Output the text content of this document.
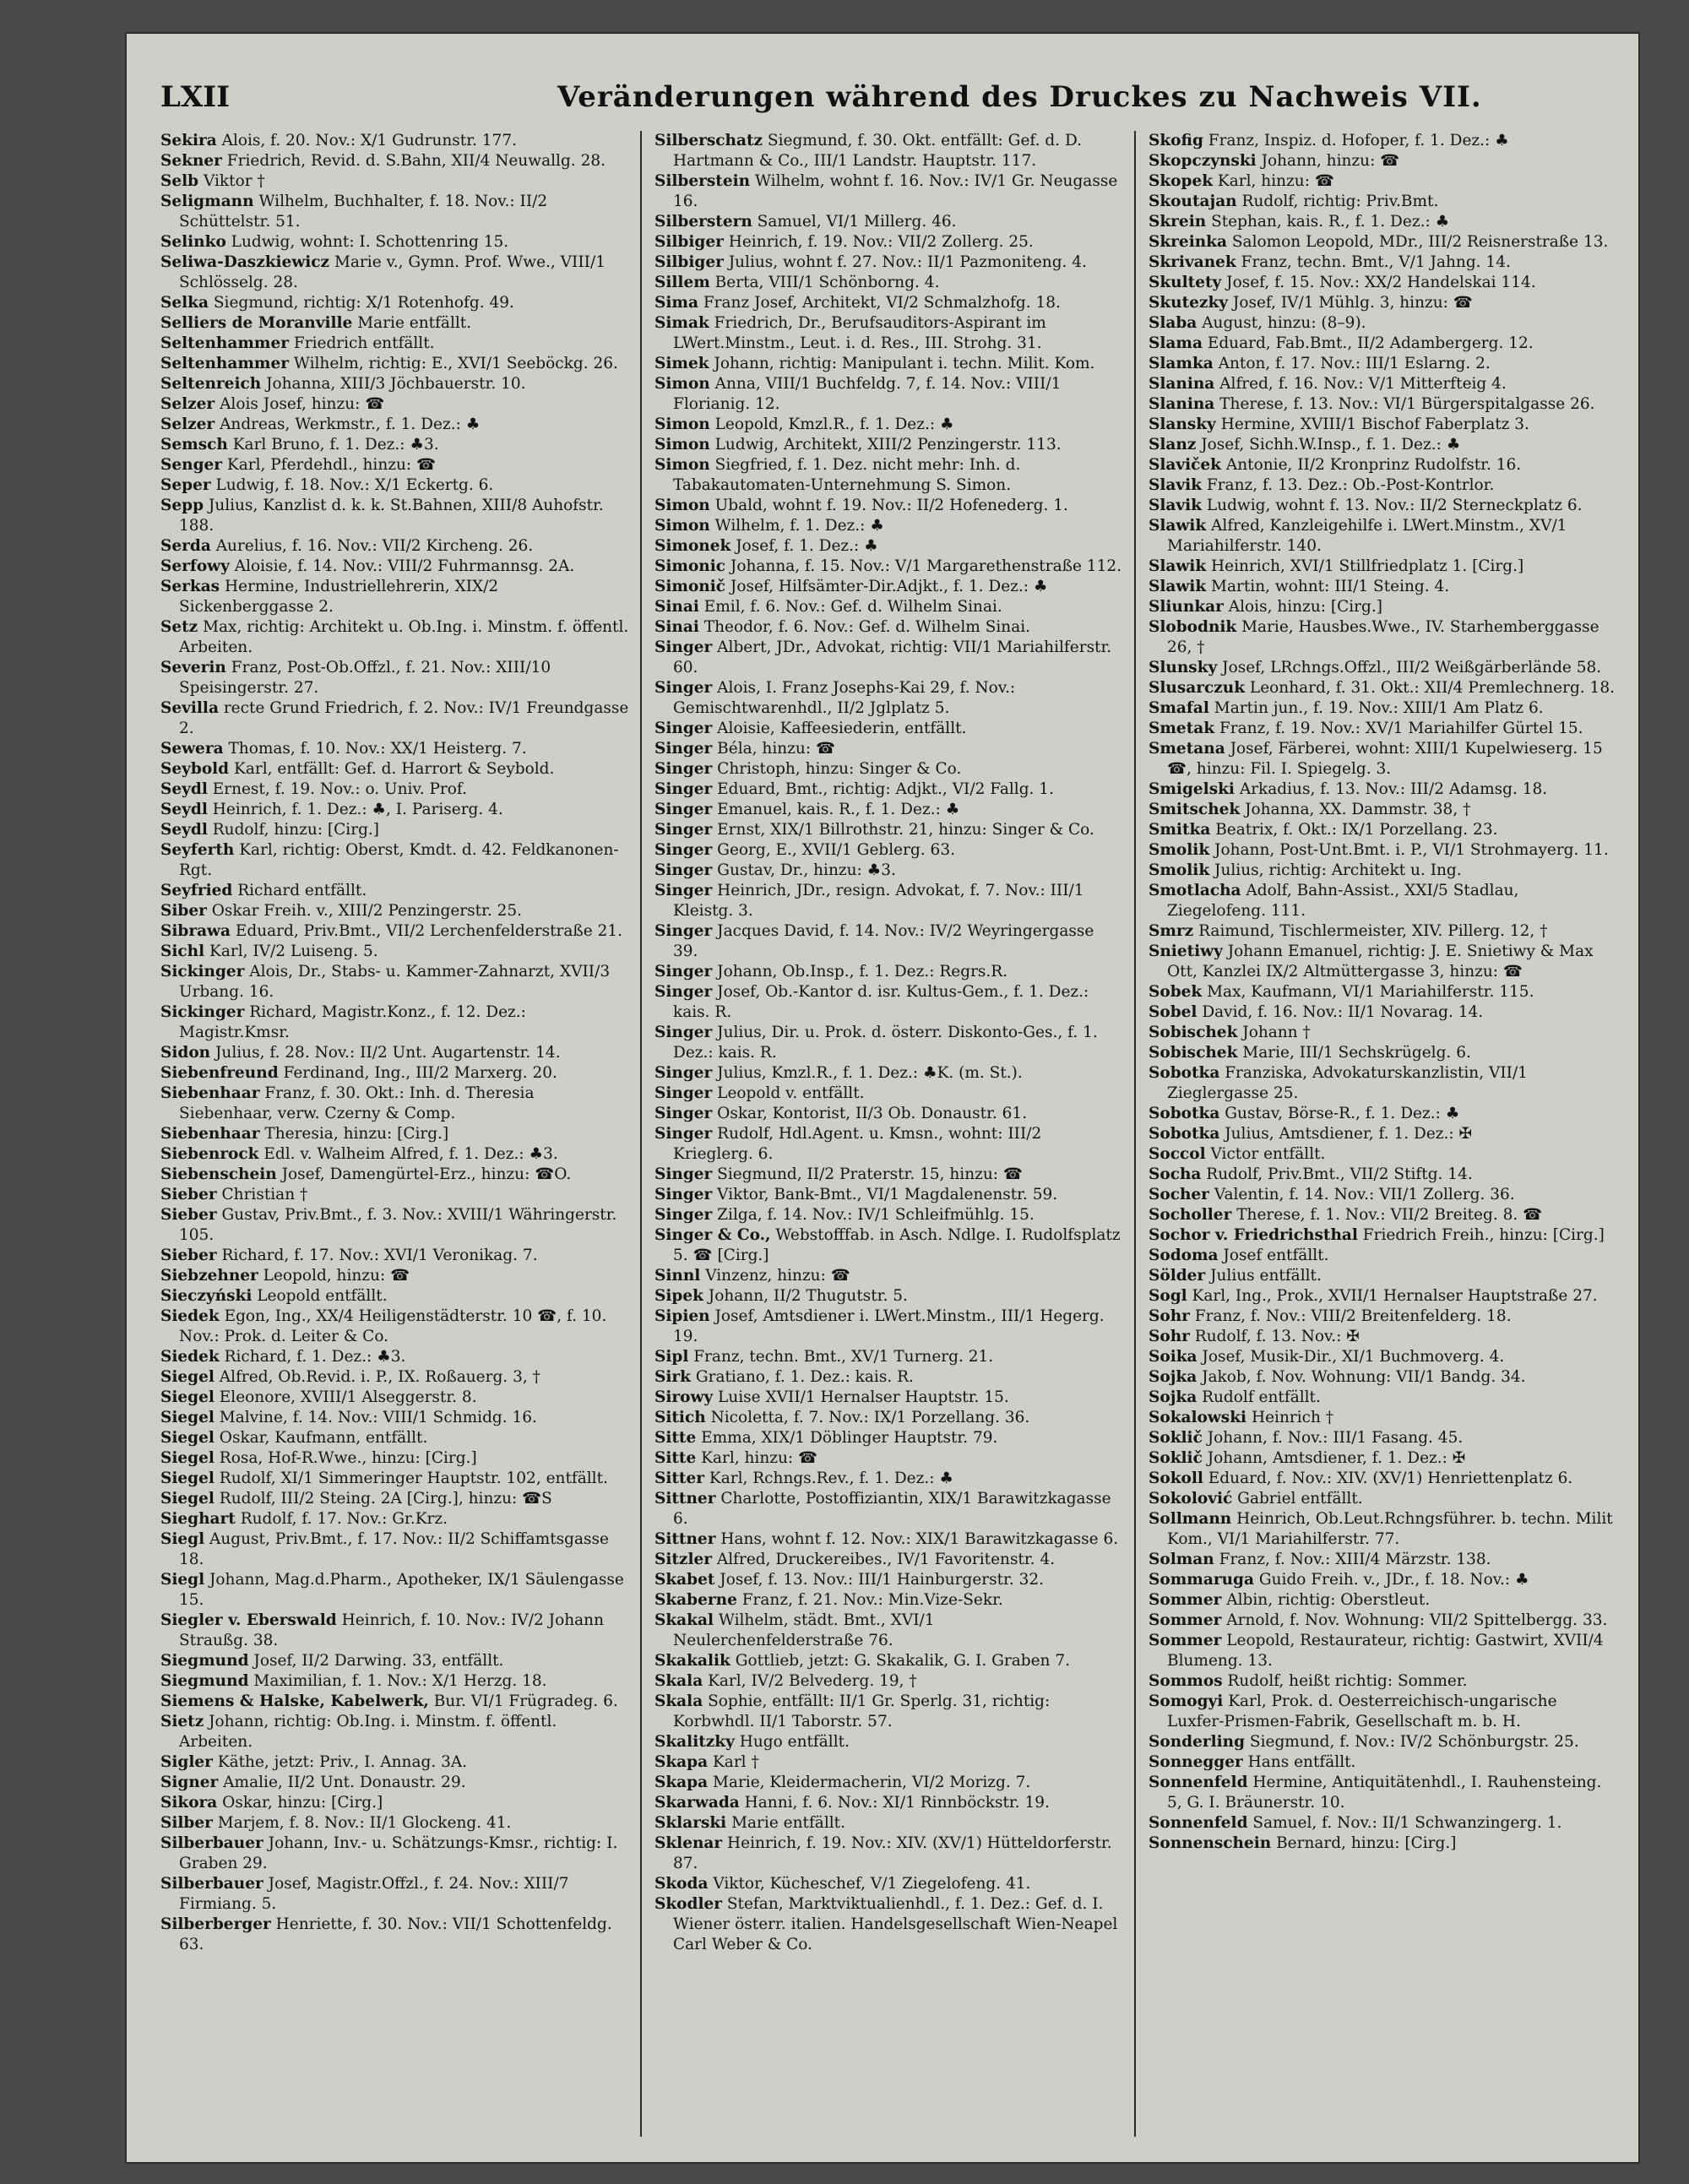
LXII	Veränderungen während des Druckes zu Nachweis VII.

Sekira Alois, f. 20. Nov.: X/1 Gudrunstr. 177.

Sekner Friedrich, Revid. d. S.Bahn, XII/4 Neuwallg. 28.

Selb Viktor †

Seligmann Wilhelm, Buchhalter, f. 18. Nov.: II/2 Schüttelstr. 51.

Selinko Ludwig, wohnt: I. Schottenring 15.

Seliwa-Daszkiewicz Marie v., Gymn. Prof. Wwe., VIII/1 Schlösselg. 28.

Selka Siegmund, richtig: X/1 Rotenhofg. 49.

Selliers de Moranville Marie entfällt.

Seltenhammer Friedrich entfällt.

Seltenhammer Wilhelm, richtig: E., XVI/1 Seeböckg. 26.

Seltenreich Johanna, XIII/3 Jöchbauerstr. 10.

Selzer Alois Josef, hinzu: ☎

Selzer Andreas, Werkmstr., f. 1. Dez.: ♣

Semsch Karl Bruno, f. 1. Dez.: ♣3.

Senger Karl, Pferdehdl., hinzu: ☎

Seper Ludwig, f. 18. Nov.: X/1 Eckertg. 6.

Sepp Julius, Kanzlist d. k. k. St.Bahnen, XIII/8 Auhofstr. 188.

Serda Aurelius, f. 16. Nov.: VII/2 Kircheng. 26.

Serfowy Aloisie, f. 14. Nov.: VIII/2 Fuhrmannsg. 2A.

Serkas Hermine, Industriellehrerin, XIX/2 Sickenberggasse 2.

Setz Max, richtig: Architekt u. Ob.Ing. i. Minstm. f. öffentl. Arbeiten.

Severin Franz, Post-Ob.Offzl., f. 21. Nov.: XIII/10 Speisingerstr. 27.

Sevilla recte Grund Friedrich, f. 2. Nov.: IV/1 Freundgasse 2.

Sewera Thomas, f. 10. Nov.: XX/1 Heisterg. 7.

Seybold Karl, entfällt: Gef. d. Harrort & Seybold.

Seydl Ernest, f. 19. Nov.: o. Univ. Prof.

Seydl Heinrich, f. 1. Dez.: ♣, I. Pariserg. 4.

Seydl Rudolf, hinzu: [Cirg.]

Seyferth Karl, richtig: Oberst, Kmdt. d. 42. Feldkanonen-Rgt.

Seyfried Richard entfällt.

Siber Oskar Freih. v., XIII/2 Penzingerstr. 25.

Sibrawa Eduard, Priv.Bmt., VII/2 Lerchenfelderstraße 21.

Sichl Karl, IV/2 Luiseng. 5.

Sickinger Alois, Dr., Stabs- u. Kammer-Zahnarzt, XVII/3 Urbang. 16.

Sickinger Richard, Magistr.Konz., f. 12. Dez.: Magistr.Kmsr.

Sidon Julius, f. 28. Nov.: II/2 Unt. Augartenstr. 14.

Siebenfreund Ferdinand, Ing., III/2 Marxerg. 20.

Siebenhaar Franz, f. 30. Okt.: Inh. d. Theresia Siebenhaar, verw. Czerny & Comp.

Siebenhaar Theresia, hinzu: [Cirg.]

Siebenrock Edl. v. Walheim Alfred, f. 1. Dez.: ♣3.

Siebenschein Josef, Damengürtel-Erz., hinzu: ☎O.

Sieber Christian †

Sieber Gustav, Priv.Bmt., f. 3. Nov.: XVIII/1 Währingerstr. 105.

Sieber Richard, f. 17. Nov.: XVI/1 Veronikag. 7.

Siebzehner Leopold, hinzu: ☎

Sieczyński Leopold entfällt.

Siedek Egon, Ing., XX/4 Heiligenstädterstr. 10 ☎, f. 10. Nov.: Prok. d. Leiter & Co.

Siedek Richard, f. 1. Dez.: ♣3.

Siegel Alfred, Ob.Revid. i. P., IX. Roßauerg. 3, †

Siegel Eleonore, XVIII/1 Alseggerstr. 8.

Siegel Malvine, f. 14. Nov.: VIII/1 Schmidg. 16.

Siegel Oskar, Kaufmann, entfällt.

Siegel Rosa, Hof-R.Wwe., hinzu: [Cirg.]

Siegel Rudolf, XI/1 Simmeringer Hauptstr. 102, entfällt.

Siegel Rudolf, III/2 Steing. 2A [Cirg.], hinzu: ☎S

Sieghart Rudolf, f. 17. Nov.: Gr.Krz.

Siegl August, Priv.Bmt., f. 17. Nov.: II/2 Schiffamtsgasse 18.

Siegl Johann, Mag.d.Pharm., Apotheker, IX/1 Säulengasse 15.

Siegler v. Eberswald Heinrich, f. 10. Nov.: IV/2 Johann Straußg. 38.

Siegmund Josef, II/2 Darwing. 33, entfällt.

Siegmund Maximilian, f. 1. Nov.: X/1 Herzg. 18.

Siemens & Halske, Kabelwerk, Bur. VI/1 Frügradeg. 6.

Sietz Johann, richtig: Ob.Ing. i. Minstm. f. öffentl. Arbeiten.

Sigler Käthe, jetzt: Priv., I. Annag. 3A.

Signer Amalie, II/2 Unt. Donaustr. 29.

Sikora Oskar, hinzu: [Cirg.]

Silber Marjem, f. 8. Nov.: II/1 Glockeng. 41.

Silberbauer Johann, Inv.- u. Schätzungs-Kmsr., richtig: I. Graben 29.

Silberbauer Josef, Magistr.Offzl., f. 24. Nov.: XIII/7 Firmiang. 5.

Silberberger Henriette, f. 30. Nov.: VII/1 Schottenfeldg. 63.

Silberschatz Siegmund, f. 30. Okt. entfällt: Gef. d. D. Hartmann & Co., III/1 Landstr. Hauptstr. 117.

Silberstein Wilhelm, wohnt f. 16. Nov.: IV/1 Gr. Neugasse 16.

Silberstern Samuel, VI/1 Millerg. 46.

Silbiger Heinrich, f. 19. Nov.: VII/2 Zollerg. 25.

Silbiger Julius, wohnt f. 27. Nov.: II/1 Pazmoniteng. 4.

Sillem Berta, VIII/1 Schönborng. 4.

Sima Franz Josef, Architekt, VI/2 Schmalzhofg. 18.

Simak Friedrich, Dr., Berufsauditors-Aspirant im LWert.Minstm., Leut. i. d. Res., III. Strohg. 31.

Simek Johann, richtig: Manipulant i. techn. Milit. Kom.

Simon Anna, VIII/1 Buchfeldg. 7, f. 14. Nov.: VIII/1 Florianig. 12.

Simon Leopold, Kmzl.R., f. 1. Dez.: ♣

Simon Ludwig, Architekt, XIII/2 Penzingerstr. 113.

Simon Siegfried, f. 1. Dez. nicht mehr: Inh. d. Tabakautomaten-Unternehmung S. Simon.

Simon Ubald, wohnt f. 19. Nov.: II/2 Hofenederg. 1.

Simon Wilhelm, f. 1. Dez.: ♣

Simonek Josef, f. 1. Dez.: ♣

Simonic Johanna, f. 15. Nov.: V/1 Margarethenstraße 112.

Simonič Josef, Hilfsämter-Dir.Adjkt., f. 1. Dez.: ♣

Sinai Emil, f. 6. Nov.: Gef. d. Wilhelm Sinai.

Sinai Theodor, f. 6. Nov.: Gef. d. Wilhelm Sinai.

Singer Albert, JDr., Advokat, richtig: VII/1 Mariahilferstr. 60.

Singer Alois, I. Franz Josephs-Kai 29, f. Nov.: Gemischtwarenhdl., II/2 Jglplatz 5.

Singer Aloisie, Kaffeesiederin, entfällt.

Singer Béla, hinzu: ☎

Singer Christoph, hinzu: Singer & Co.

Singer Eduard, Bmt., richtig: Adjkt., VI/2 Fallg. 1.

Singer Emanuel, kais. R., f. 1. Dez.: ♣

Singer Ernst, XIX/1 Billrothstr. 21, hinzu: Singer & Co.

Singer Georg, E., XVII/1 Geblerg. 63.

Singer Gustav, Dr., hinzu: ♣3.

Singer Heinrich, JDr., resign. Advokat, f. 7. Nov.: III/1 Kleistg. 3.

Singer Jacques David, f. 14. Nov.: IV/2 Weyringergasse 39.

Singer Johann, Ob.Insp., f. 1. Dez.: Regrs.R.

Singer Josef, Ob.-Kantor d. isr. Kultus-Gem., f. 1. Dez.: kais. R.

Singer Julius, Dir. u. Prok. d. österr. Diskonto-Ges., f. 1. Dez.: kais. R.

Singer Julius, Kmzl.R., f. 1. Dez.: ♣K. (m. St.).

Singer Leopold v. entfällt.

Singer Oskar, Kontorist, II/3 Ob. Donaustr. 61.

Singer Rudolf, Hdl.Agent. u. Kmsn., wohnt: III/2 Krieglerg. 6.

Singer Siegmund, II/2 Praterstr. 15, hinzu: ☎

Singer Viktor, Bank-Bmt., VI/1 Magdalenenstr. 59.

Singer Zilga, f. 14. Nov.: IV/1 Schleifmühlg. 15.

Singer & Co., Webstofffab. in Asch. Ndlge. I. Rudolfsplatz 5. ☎ [Cirg.]

Sinnl Vinzenz, hinzu: ☎

Sipek Johann, II/2 Thugutstr. 5.

Sipien Josef, Amtsdiener i. LWert.Minstm., III/1 Hegerg. 19.

Sipl Franz, techn. Bmt., XV/1 Turnerg. 21.

Sirk Gratiano, f. 1. Dez.: kais. R.

Sirowy Luise XVII/1 Hernalser Hauptstr. 15.

Sitich Nicoletta, f. 7. Nov.: IX/1 Porzellang. 36.

Sitte Emma, XIX/1 Döblinger Hauptstr. 79.

Sitte Karl, hinzu: ☎

Sitter Karl, Rchngs.Rev., f. 1. Dez.: ♣

Sittner Charlotte, Postoffiziantin, XIX/1 Barawitzkagasse 6.

Sittner Hans, wohnt f. 12. Nov.: XIX/1 Barawitzkagasse 6.

Sitzler Alfred, Druckereibes., IV/1 Favoritenstr. 4.

Skabet Josef, f. 13. Nov.: III/1 Hainburgerstr. 32.

Skaberne Franz, f. 21. Nov.: Min.Vize-Sekr.

Skakal Wilhelm, städt. Bmt., XVI/1 Neulerchenfelderstraße 76.

Skakalik Gottlieb, jetzt: G. Skakalik, G. I. Graben 7.

Skala Karl, IV/2 Belvederg. 19, †

Skala Sophie, entfällt: II/1 Gr. Sperlg. 31, richtig: Korbwhdl. II/1 Taborstr. 57.

Skalitzky Hugo entfällt.

Skapa Karl †

Skapa Marie, Kleidermacherin, VI/2 Morizg. 7.

Skarwada Hanni, f. 6. Nov.: XI/1 Rinnböckstr. 19.

Sklarski Marie entfällt.

Sklenar Heinrich, f. 19. Nov.: XIV. (XV/1) Hütteldorferstr. 87.

Skoda Viktor, Kücheschef, V/1 Ziegelofeng. 41.

Skodler Stefan, Marktviktualienhdl., f. 1. Dez.: Gef. d. I. Wiener österr. italien. Handelsgesellschaft Wien-Neapel Carl Weber & Co.

Skofig Franz, Inspiz. d. Hofoper, f. 1. Dez.: ♣

Skopczynski Johann, hinzu: ☎

Skopek Karl, hinzu: ☎

Skoutajan Rudolf, richtig: Priv.Bmt.

Skrein Stephan, kais. R., f. 1. Dez.: ♣

Skreinka Salomon Leopold, MDr., III/2 Reisnerstraße 13.

Skrivanek Franz, techn. Bmt., V/1 Jahng. 14.

Skultety Josef, f. 15. Nov.: XX/2 Handelskai 114.

Skutezky Josef, IV/1 Mühlg. 3, hinzu: ☎

Slaba August, hinzu: (8–9).

Slama Eduard, Fab.Bmt., II/2 Adambergerg. 12.

Slamka Anton, f. 17. Nov.: III/1 Eslarng. 2.

Slanina Alfred, f. 16. Nov.: V/1 Mitterfteig 4.

Slanina Therese, f. 13. Nov.: VI/1 Bürgerspitalgasse 26.

Slansky Hermine, XVIII/1 Bischof Faberplatz 3.

Slanz Josef, Sichh.W.Insp., f. 1. Dez.: ♣

Slaviček Antonie, II/2 Kronprinz Rudolfstr. 16.

Slavik Franz, f. 13. Dez.: Ob.-Post-Kontrlor.

Slavik Ludwig, wohnt f. 13. Nov.: II/2 Sterneckplatz 6.

Slawik Alfred, Kanzleigehilfe i. LWert.Minstm., XV/1 Mariahilferstr. 140.

Slawik Heinrich, XVI/1 Stillfriedplatz 1. [Cirg.]

Slawik Martin, wohnt: III/1 Steing. 4.

Sliunkar Alois, hinzu: [Cirg.]

Slobodnik Marie, Hausbes.Wwe., IV. Starhemberggasse 26, †

Slunsky Josef, LRchngs.Offzl., III/2 Weißgärberlände 58.

Slusarczuk Leonhard, f. 31. Okt.: XII/4 Premlechnerg. 18.

Smafal Martin jun., f. 19. Nov.: XIII/1 Am Platz 6.

Smetak Franz, f. 19. Nov.: XV/1 Mariahilfer Gürtel 15.

Smetana Josef, Färberei, wohnt: XIII/1 Kupelwieserg. 15 ☎, hinzu: Fil. I. Spiegelg. 3.

Smigelski Arkadius, f. 13. Nov.: III/2 Adamsg. 18.

Smitschek Johanna, XX. Dammstr. 38, †

Smitka Beatrix, f. Okt.: IX/1 Porzellang. 23.

Smolik Johann, Post-Unt.Bmt. i. P., VI/1 Strohmayerg. 11.

Smolik Julius, richtig: Architekt u. Ing.

Smotlacha Adolf, Bahn-Assist., XXI/5 Stadlau, Ziegelofeng. 111.

Smrz Raimund, Tischlermeister, XIV. Pillerg. 12, †

Snietiwy Johann Emanuel, richtig: J. E. Snietiwy & Max Ott, Kanzlei IX/2 Altmüttergasse 3, hinzu: ☎

Sobek Max, Kaufmann, VI/1 Mariahilferstr. 115.

Sobel David, f. 16. Nov.: II/1 Novarag. 14.

Sobischek Johann †

Sobischek Marie, III/1 Sechskrügelg. 6.

Sobotka Franziska, Advokaturskanzlistin, VII/1 Zieglergasse 25.

Sobotka Gustav, Börse-R., f. 1. Dez.: ♣

Sobotka Julius, Amtsdiener, f. 1. Dez.: ✠

Soccol Victor entfällt.

Socha Rudolf, Priv.Bmt., VII/2 Stiftg. 14.

Socher Valentin, f. 14. Nov.: VII/1 Zollerg. 36.

Socholler Therese, f. 1. Nov.: VII/2 Breiteg. 8. ☎

Sochor v. Friedrichsthal Friedrich Freih., hinzu: [Cirg.]

Sodoma Josef entfällt.

Sölder Julius entfällt.

Sogl Karl, Ing., Prok., XVII/1 Hernalser Hauptstraße 27.

Sohr Franz, f. Nov.: VIII/2 Breitenfelderg. 18.

Sohr Rudolf, f. 13. Nov.: ✠

Soika Josef, Musik-Dir., XI/1 Buchmoverg. 4.

Sojka Jakob, f. Nov. Wohnung: VII/1 Bandg. 34.

Sojka Rudolf entfällt.

Sokalowski Heinrich †

Soklič Johann, f. Nov.: III/1 Fasang. 45.

Soklič Johann, Amtsdiener, f. 1. Dez.: ✠

Sokoll Eduard, f. Nov.: XIV. (XV/1) Henriettenplatz 6.

Sokolović Gabriel entfällt.

Sollmann Heinrich, Ob.Leut.Rchngsführer. b. techn. Milit Kom., VI/1 Mariahilferstr. 77.

Solman Franz, f. Nov.: XIII/4 Märzstr. 138.

Sommaruga Guido Freih. v., JDr., f. 18. Nov.: ♣

Sommer Albin, richtig: Oberstleut.

Sommer Arnold, f. Nov. Wohnung: VII/2 Spittelbergg. 33.

Sommer Leopold, Restaurateur, richtig: Gastwirt, XVII/4 Blumeng. 13.

Sommos Rudolf, heißt richtig: Sommer.

Somogyi Karl, Prok. d. Oesterreichisch-ungarische Luxfer-Prismen-Fabrik, Gesellschaft m. b. H.

Sonderling Siegmund, f. Nov.: IV/2 Schönburgstr. 25.

Sonnegger Hans entfällt.

Sonnenfeld Hermine, Antiquitätenhdl., I. Rauhensteing. 5, G. I. Bräunerstr. 10.

Sonnenfeld Samuel, f. Nov.: II/1 Schwanzingerg. 1.

Sonnenschein Bernard, hinzu: [Cirg.]
